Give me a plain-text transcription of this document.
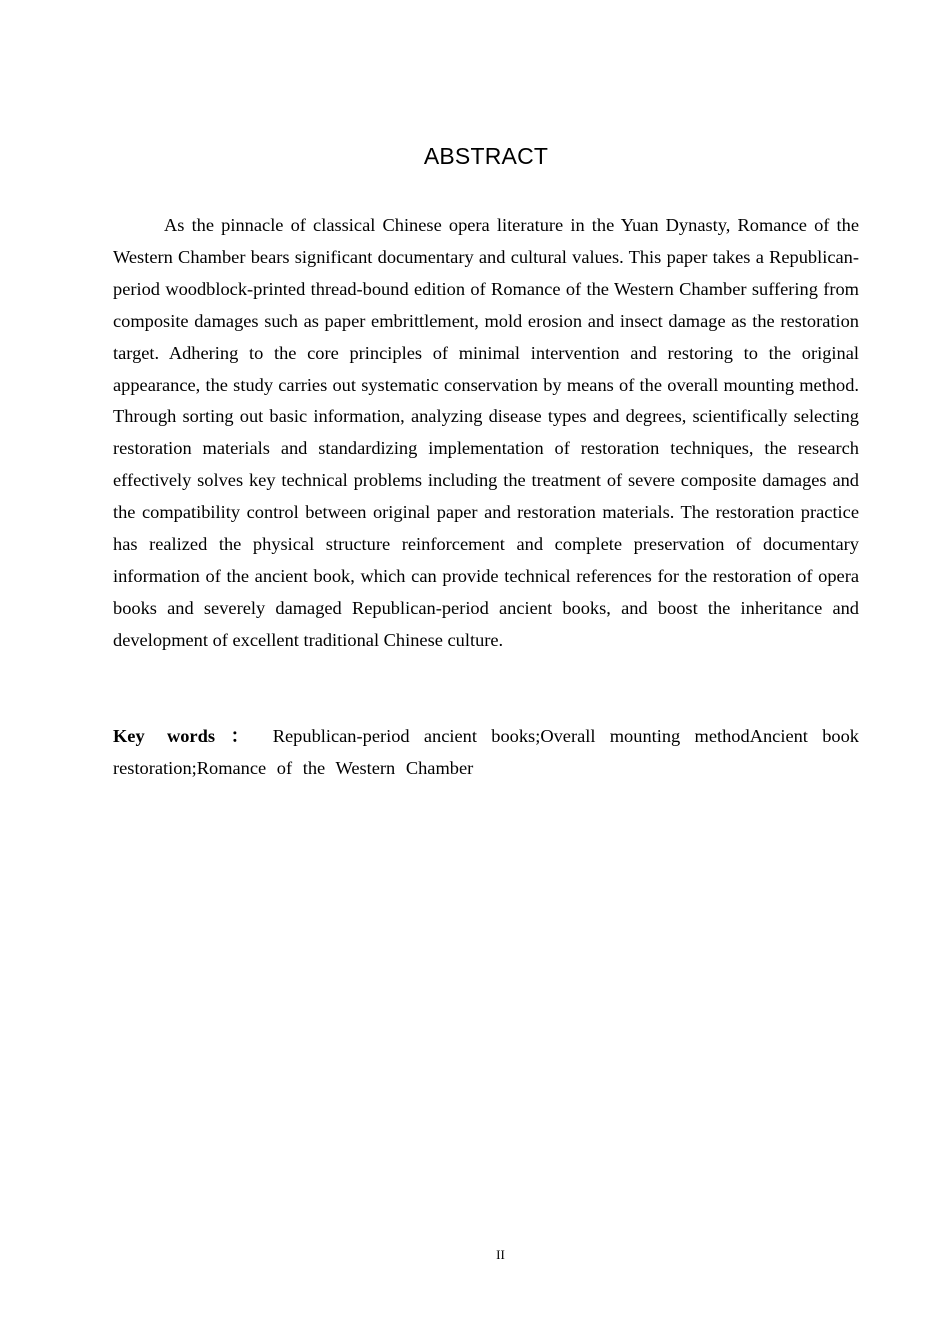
ABSTRACT

As the pinnacle of classical Chinese opera literature in the Yuan Dynasty, Romance of the Western Chamber bears significant documentary and cultural values. This paper takes a Republican-period woodblock-printed thread-bound edition of Romance of the Western Chamber suffering from composite damages such as paper embrittlement, mold erosion and insect damage as the restoration target. Adhering to the core principles of minimal intervention and restoring to the original appearance, the study carries out systematic conservation by means of the overall mounting method. Through sorting out basic information, analyzing disease types and degrees, scientifically selecting restoration materials and standardizing implementation of restoration techniques, the research effectively solves key technical problems including the treatment of severe composite damages and the compatibility control between original paper and restoration materials. The restoration practice has realized the physical structure reinforcement and complete preservation of documentary information of the ancient book, which can provide technical references for the restoration of opera books and severely damaged Republican-period ancient books, and boost the inheritance and development of excellent traditional Chinese culture.

Key words ： Republican-period ancient books;Overall mounting methodAncient book restoration;Romance of the Western Chamber

II
